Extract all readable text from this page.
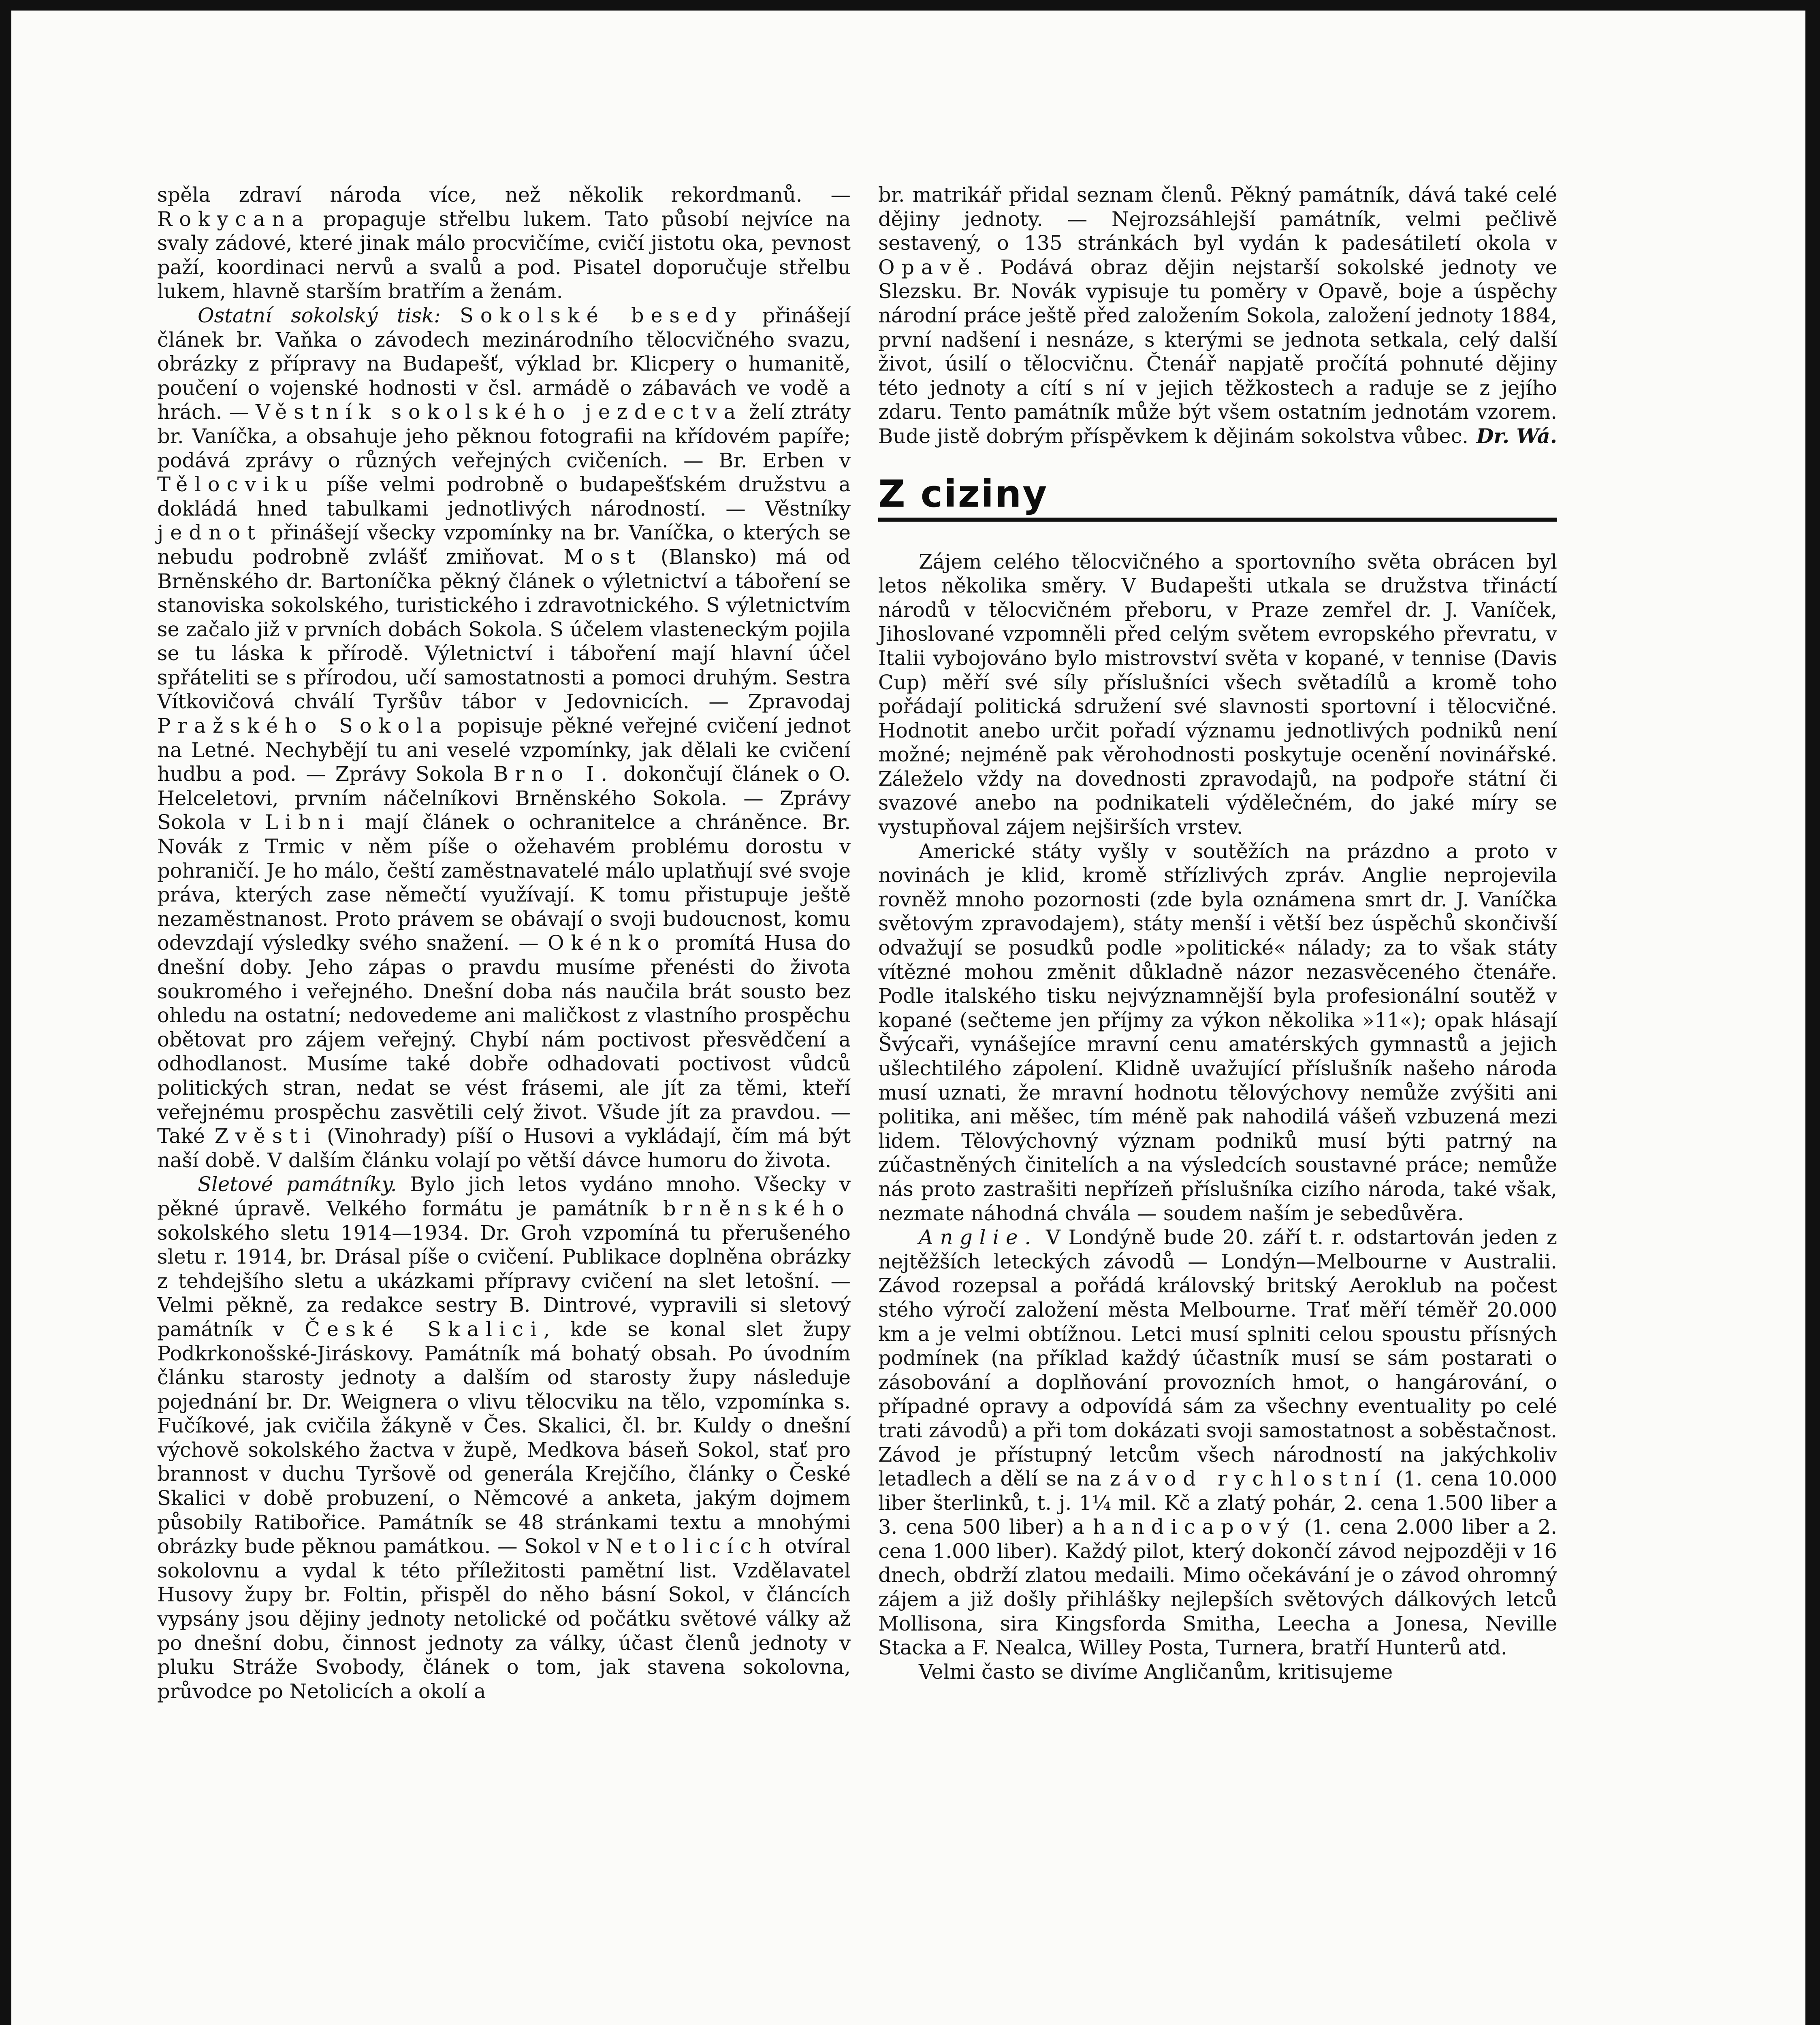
spěla zdraví národa více, než několik rekordmanů. — Rokycana propaguje střelbu lukem. Tato působí nejvíce na svaly zádové, které jinak málo procvičíme, cvičí jistotu oka, pevnost paží, koordinaci nervů a svalů a pod. Pisatel doporučuje střelbu lukem, hlavně starším bratřím a ženám.

Ostatní sokolský tisk: Sokolské besedy přinášejí článek br. Vaňka o závodech mezinárodního tělocvičného svazu, obrázky z přípravy na Budapešť, výklad br. Klicpery o humanitě, poučení o vojenské hodnosti v čsl. armádě o zábavách ve vodě a hrách. — Věstník sokolského jezdectva želí ztráty br. Vaníčka, a obsahuje jeho pěknou fotografii na křídovém papíře; podává zprávy o různých veřejných cvičeních. — Br. Erben v Tělocviku píše velmi podrobně o budapešťském družstvu a dokládá hned tabulkami jednotlivých národností. — Věstníky jednot přinášejí všecky vzpomínky na br. Vaníčka, o kterých se nebudu podrobně zvlášť zmiňovat. Most (Blansko) má od Brněnského dr. Bartoníčka pěkný článek o výletnictví a táboření se stanoviska sokolského, turistického i zdravotnického. S výletnictvím se začalo již v prvních dobách Sokola. S účelem vlasteneckým pojila se tu láska k přírodě. Výletnictví i táboření mají hlavní účel spřáteliti se s přírodou, učí samostatnosti a pomoci druhým. Sestra Vítkovičová chválí Tyršův tábor v Jedovnicích. — Zpravodaj Pražského Sokola popisuje pěkné veřejné cvičení jednot na Letné. Nechybějí tu ani veselé vzpomínky, jak dělali ke cvičení hudbu a pod. — Zprávy Sokola Brno I. dokončují článek o O. Helceletovi, prvním náčelníkovi Brněnského Sokola. — Zprávy Sokola v Libni mají článek o ochranitelce a chráněnce. Br. Novák z Trmic v něm píše o ožehavém problému dorostu v pohraničí. Je ho málo, čeští zaměstnavatelé málo uplatňují své svoje práva, kterých zase němečtí využívají. K tomu přistupuje ještě nezaměstnanost. Proto právem se obávají o svoji budoucnost, komu odevzdají výsledky svého snažení. — Okénko promítá Husa do dnešní doby. Jeho zápas o pravdu musíme přenésti do života soukromého i veřejného. Dnešní doba nás naučila brát sousto bez ohledu na ostatní; nedovedeme ani maličkost z vlastního prospěchu obětovat pro zájem veřejný. Chybí nám poctivost přesvědčení a odhodlanost. Musíme také dobře odhadovati poctivost vůdců politických stran, nedat se vést frásemi, ale jít za těmi, kteří veřejnému prospěchu zasvětili celý život. Všude jít za pravdou. — Také Zvěsti (Vinohrady) píší o Husovi a vykládají, čím má být naší době. V dalším článku volají po větší dávce humoru do života.

Sletové památníky. Bylo jich letos vydáno mnoho. Všecky v pěkné úpravě. Velkého formátu je památník brněnského sokolského sletu 1914—1934. Dr. Groh vzpomíná tu přerušeného sletu r. 1914, br. Drásal píše o cvičení. Publikace doplněna obrázky z tehdejšího sletu a ukázkami přípravy cvičení na slet letošní. — Velmi pěkně, za redakce sestry B. Dintrové, vypravili si sletový památník v České Skalici, kde se konal slet župy Podkrkonošské-Jiráskovy. Památník má bohatý obsah. Po úvodním článku starosty jednoty a dalším od starosty župy následuje pojednání br. Dr. Weignera o vlivu tělocviku na tělo, vzpomínka s. Fučíkové, jak cvičila žákyně v Čes. Skalici, čl. br. Kuldy o dnešní výchově sokolského žactva v župě, Medkova báseň Sokol, stať pro brannost v duchu Tyršově od generála Krejčího, články o České Skalici v době probuzení, o Němcové a anketa, jakým dojmem působily Ratibořice. Památník se 48 stránkami textu a mnohými obrázky bude pěknou památkou. — Sokol v Netolicích otvíral sokolovnu a vydal k této příležitosti pamětní list. Vzdělavatel Husovy župy br. Foltin, přispěl do něho básní Sokol, v článcích vypsány jsou dějiny jednoty netolické od počátku světové války až po dnešní dobu, činnost jednoty za války, účast členů jednoty v pluku Stráže Svobody, článek o tom, jak stavena sokolovna, průvodce po Netolicích a okolí a

br. matrikář přidal seznam členů. Pěkný památník, dává také celé dějiny jednoty. — Nejrozsáhlejší památník, velmi pečlivě sestavený, o 135 stránkách byl vydán k padesátiletí okola v Opavě. Podává obraz dějin nejstarší sokolské jednoty ve Slezsku. Br. Novák vypisuje tu poměry v Opavě, boje a úspěchy národní práce ještě před založením Sokola, založení jednoty 1884, první nadšení i nesnáze, s kterými se jednota setkala, celý další život, úsilí o tělocvičnu. Čtenář napjatě pročítá pohnuté dějiny této jednoty a cítí s ní v jejich těžkostech a raduje se z jejího zdaru. Tento památník může být všem ostatním jednotám vzorem. Bude jistě dobrým příspěvkem k dějinám sokolstva vůbec. Dr. Wá.

Z ciziny

Zájem celého tělocvičného a sportovního světa obrácen byl letos několika směry. V Budapešti utkala se družstva třináctí národů v tělocvičném přeboru, v Praze zemřel dr. J. Vaníček, Jihoslované vzpomněli před celým světem evropského převratu, v Italii vybojováno bylo mistrovství světa v kopané, v tennise (Davis Cup) měří své síly příslušníci všech světadílů a kromě toho pořádají politická sdružení své slavnosti sportovní i tělocvičné. Hodnotit anebo určit pořadí významu jednotlivých podniků není možné; nejméně pak věrohodnosti poskytuje ocenění novinářské. Záleželo vždy na dovednosti zpravodajů, na podpoře státní či svazové anebo na podnikateli výdělečném, do jaké míry se vystupňoval zájem nejširších vrstev.

Americké státy vyšly v soutěžích na prázdno a proto v novinách je klid, kromě střízlivých zpráv. Anglie neprojevila rovněž mnoho pozornosti (zde byla oznámena smrt dr. J. Vaníčka světovým zpravodajem), státy menší i větší bez úspěchů skončivší odvažují se posudků podle »politické« nálady; za to však státy vítězné mohou změnit důkladně názor nezasvěceného čtenáře. Podle italského tisku nejvýznamnější byla profesionální soutěž v kopané (sečteme jen příjmy za výkon několika »11«); opak hlásají Švýcaři, vynášejíce mravní cenu amatérských gymnastů a jejich ušlechtilého zápolení. Klidně uvažující příslušník našeho národa musí uznati, že mravní hodnotu tělovýchovy nemůže zvýšiti ani politika, ani měšec, tím méně pak nahodilá vášeň vzbuzená mezi lidem. Tělovýchovný význam podniků musí býti patrný na zúčastněných činitelích a na výsledcích soustavné práce; nemůže nás proto zastrašiti nepřízeň příslušníka cizího národa, také však, nezmate náhodná chvála — soudem naším je sebedůvěra.

Anglie. V Londýně bude 20. září t. r. odstartován jeden z nejtěžších leteckých závodů — Londýn—Melbourne v Australii. Závod rozepsal a pořádá královský britský Aeroklub na počest stého výročí založení města Melbourne. Trať měří téměř 20.000 km a je velmi obtížnou. Letci musí splniti celou spoustu přísných podmínek (na příklad každý účastník musí se sám postarati o zásobování a doplňování provozních hmot, o hangárování, o případné opravy a odpovídá sám za všechny eventuality po celé trati závodů) a při tom dokázati svoji samostatnost a soběstačnost. Závod je přístupný letcům všech národností na jakýchkoliv letadlech a dělí se na závod rychlostní (1. cena 10.000 liber šterlinků, t. j. 1¼ mil. Kč a zlatý pohár, 2. cena 1.500 liber a 3. cena 500 liber) a handicapový (1. cena 2.000 liber a 2. cena 1.000 liber). Každý pilot, který dokončí závod nejpozději v 16 dnech, obdrží zlatou medaili. Mimo očekávání je o závod ohromný zájem a již došly přihlášky nejlepších světových dálkových letců Mollisona, sira Kingsforda Smitha, Leecha a Jonesa, Neville Stacka a F. Nealca, Willey Posta, Turnera, bratří Hunterů atd.

Velmi často se divíme Angličanům, kritisujeme
